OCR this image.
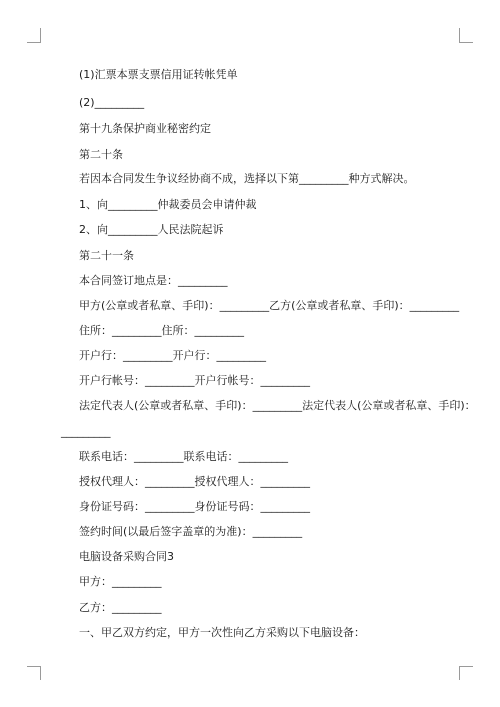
(1)汇票本票支票信用证转帐凭单
(2)_________
第十九条保护商业秘密约定
第二十条
若因本合同发生争议经协商不成，选择以下第_________种方式解决。
1、向_________仲裁委员会申请仲裁
2、向_________人民法院起诉
第二十一条
本合同签订地点是：_________
甲方(公章或者私章、手印)：_________乙方(公章或者私章、手印)：_________
住所：_________住所：_________
开户行：_________开户行：_________
开户行帐号：_________开户行帐号：_________
法定代表人(公章或者私章、手印)：_________法定代表人(公章或者私章、手印)：
_________
联系电话：_________联系电话：_________
授权代理人：_________授权代理人：_________
身份证号码：_________身份证号码：_________
签约时间(以最后签字盖章的为准)：_________
电脑设备采购合同3
甲方：_________
乙方：_________
一、甲乙双方约定，甲方一次性向乙方采购以下电脑设备：
